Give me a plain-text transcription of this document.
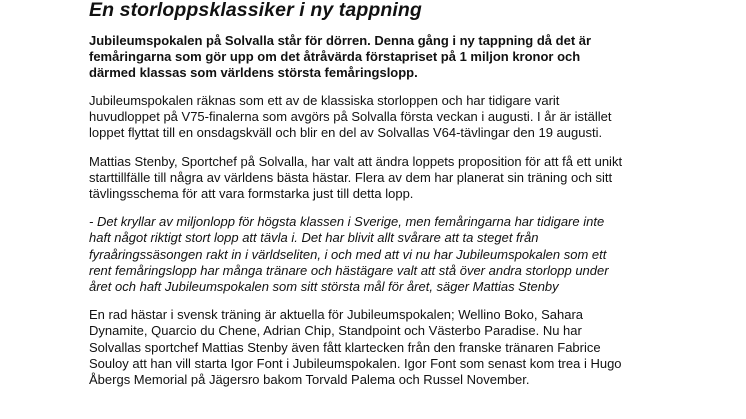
En storloppsklassiker i ny tappning

Jubileumspokalen på Solvalla står för dörren. Denna gång i ny tappning då det är
femåringarna som gör upp om det åtråvärda förstapriset på 1 miljon kronor och
därmed klassas som världens största femåringslopp.

Jubileumspokalen räknas som ett av de klassiska storloppen och har tidigare varit
huvudloppet på V75-finalerna som avgörs på Solvalla första veckan i augusti. I år är istället
loppet flyttat till en onsdagskväll och blir en del av Solvallas V64-tävlingar den 19 augusti.

Mattias Stenby, Sportchef på Solvalla, har valt att ändra loppets proposition för att få ett unikt
starttillfälle till några av världens bästa hästar. Flera av dem har planerat sin träning och sitt
tävlingsschema för att vara formstarka just till detta lopp.

- Det kryllar av miljonlopp för högsta klassen i Sverige, men femåringarna har tidigare inte
haft något riktigt stort lopp att tävla i. Det har blivit allt svårare att ta steget från
fyraåringssäsongen rakt in i världseliten, i och med att vi nu har Jubileumspokalen som ett
rent femåringslopp har många tränare och hästägare valt att stå över andra storlopp under
året och haft Jubileumspokalen som sitt största mål för året, säger Mattias Stenby

En rad hästar i svensk träning är aktuella för Jubileumspokalen; Wellino Boko, Sahara
Dynamite, Quarcio du Chene, Adrian Chip, Standpoint och Västerbo Paradise. Nu har
Solvallas sportchef Mattias Stenby även fått klartecken från den franske tränaren Fabrice
Souloy att han vill starta Igor Font i Jubileumspokalen. Igor Font som senast kom trea i Hugo
Åbergs Memorial på Jägersro bakom Torvald Palema och Russel November.
